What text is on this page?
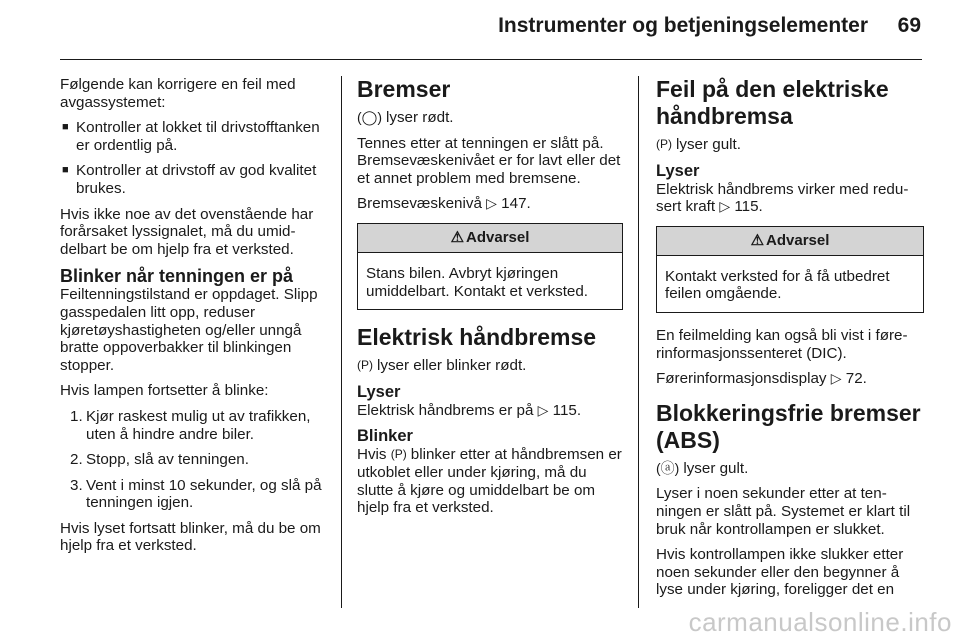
Instrumenter og betjeningselementer 69

Følgende kan korrigere en feil med avgassystemet:

■ Kontroller at lokket til drivstofftanken er ordentlig på.
■ Kontroller at drivstoff av god kvalitet brukes.

Hvis ikke noe av det ovenstående har forårsaket lyssignalet, må du umiddelbart be om hjelp fra et verksted.

Blinker når tenningen er på

Feiltenningstilstand er oppdaget. Slipp gasspedalen litt opp, reduser kjøretøyshastigheten og/eller unngå bratte oppoverbakker til blinkingen stopper.

Hvis lampen fortsetter å blinke:

1. Kjør raskest mulig ut av trafikken, uten å hindre andre biler.
2. Stopp, slå av tenningen.
3. Vent i minst 10 sekunder, og slå på tenningen igjen.

Hvis lyset fortsatt blinker, må du be om hjelp fra et verksted.

Bremser

(◯) lyser rødt.

Tennes etter at tenningen er slått på. Bremsevæskenivået er for lavt eller det et annet problem med bremsene.

Bremsevæskenivå ▷ 147.

⚠ Advarsel
Stans bilen. Avbryt kjøringen umiddelbart. Kontakt et verksted.
Elektrisk håndbremse

(P) lyser eller blinker rødt.

Lyser

Elektrisk håndbrems er på ▷ 115.

Blinker

Hvis (P) blinker etter at håndbremsen er utkoblet eller under kjøring, må du slutte å kjøre og umiddelbart be om hjelp fra et verksted.

Feil på den elektriske håndbremsa

(P) lyser gult.

Lyser

Elektrisk håndbrems virker med redusert kraft ▷ 115.

⚠ Advarsel
Kontakt verksted for å få utbedret feilen omgående.

En feilmelding kan også bli vist i førerinformasjonssenteret (DIC).

Førerinformasjonsdisplay ▷ 72.

Blokkeringsfrie bremser (ABS)

(ⓐ) lyser gult.

Lyser i noen sekunder etter at tenningen er slått på. Systemet er klart til bruk når kontrollampen er slukket.

Hvis kontrollampen ikke slukker etter noen sekunder eller den begynner å lyse under kjøring, foreligger det en

carmanualsonline.info
